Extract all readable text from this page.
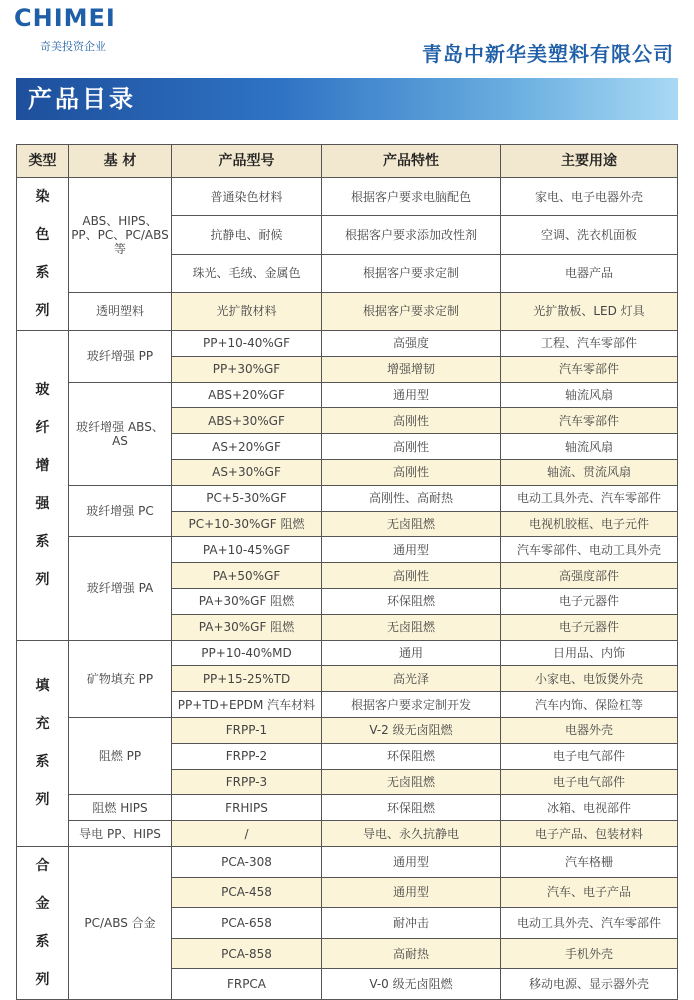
CHIMEI
奇美投资企业	青岛中新华美塑料有限公司
产品目录
类型	基 材	产品型号	产品特性	主要用途
染色系列	ABS、HIPS、PP、PC、PC/ABS 等	普通染色材料	根据客户要求电脑配色	家电、电子电器外壳
		抗静电、耐候	根据客户要求添加改性剂	空调、洗衣机面板
		珠光、毛绒、金属色	根据客户要求定制	电器产品
	透明塑料	光扩散材料	根据客户要求定制	光扩散板、LED 灯具
玻纤增强系列	玻纤增强 PP	PP+10-40%GF	高强度	工程、汽车零部件
		PP+30%GF	增强增韧	汽车零部件
	玻纤增强 ABS、AS	ABS+20%GF	通用型	轴流风扇
		ABS+30%GF	高刚性	汽车零部件
		AS+20%GF	高刚性	轴流风扇
		AS+30%GF	高刚性	轴流、贯流风扇
	玻纤增强 PC	PC+5-30%GF	高刚性、高耐热	电动工具外壳、汽车零部件
		PC+10-30%GF 阻燃	无卤阻燃	电视机胶框、电子元件
	玻纤增强 PA	PA+10-45%GF	通用型	汽车零部件、电动工具外壳
		PA+50%GF	高刚性	高强度部件
		PA+30%GF 阻燃	环保阻燃	电子元器件
		PA+30%GF 阻燃	无卤阻燃	电子元器件
填充系列	矿物填充 PP	PP+10-40%MD	通用	日用品、内饰
		PP+15-25%TD	高光泽	小家电、电饭煲外壳
		PP+TD+EPDM 汽车材料	根据客户要求定制开发	汽车内饰、保险杠等
	阻燃 PP	FRPP-1	V-2 级无卤阻燃	电器外壳
		FRPP-2	环保阻燃	电子电气部件
		FRPP-3	无卤阻燃	电子电气部件
	阻燃 HIPS	FRHIPS	环保阻燃	冰箱、电视部件
	导电 PP、HIPS	/	导电、永久抗静电	电子产品、包装材料
合金系列	PC/ABS 合金	PCA-308	通用型	汽车格栅
		PCA-458	通用型	汽车、电子产品
		PCA-658	耐冲击	电动工具外壳、汽车零部件
		PCA-858	高耐热	手机外壳
		FRPCA	V-0 级无卤阻燃	移动电源、显示器外壳
